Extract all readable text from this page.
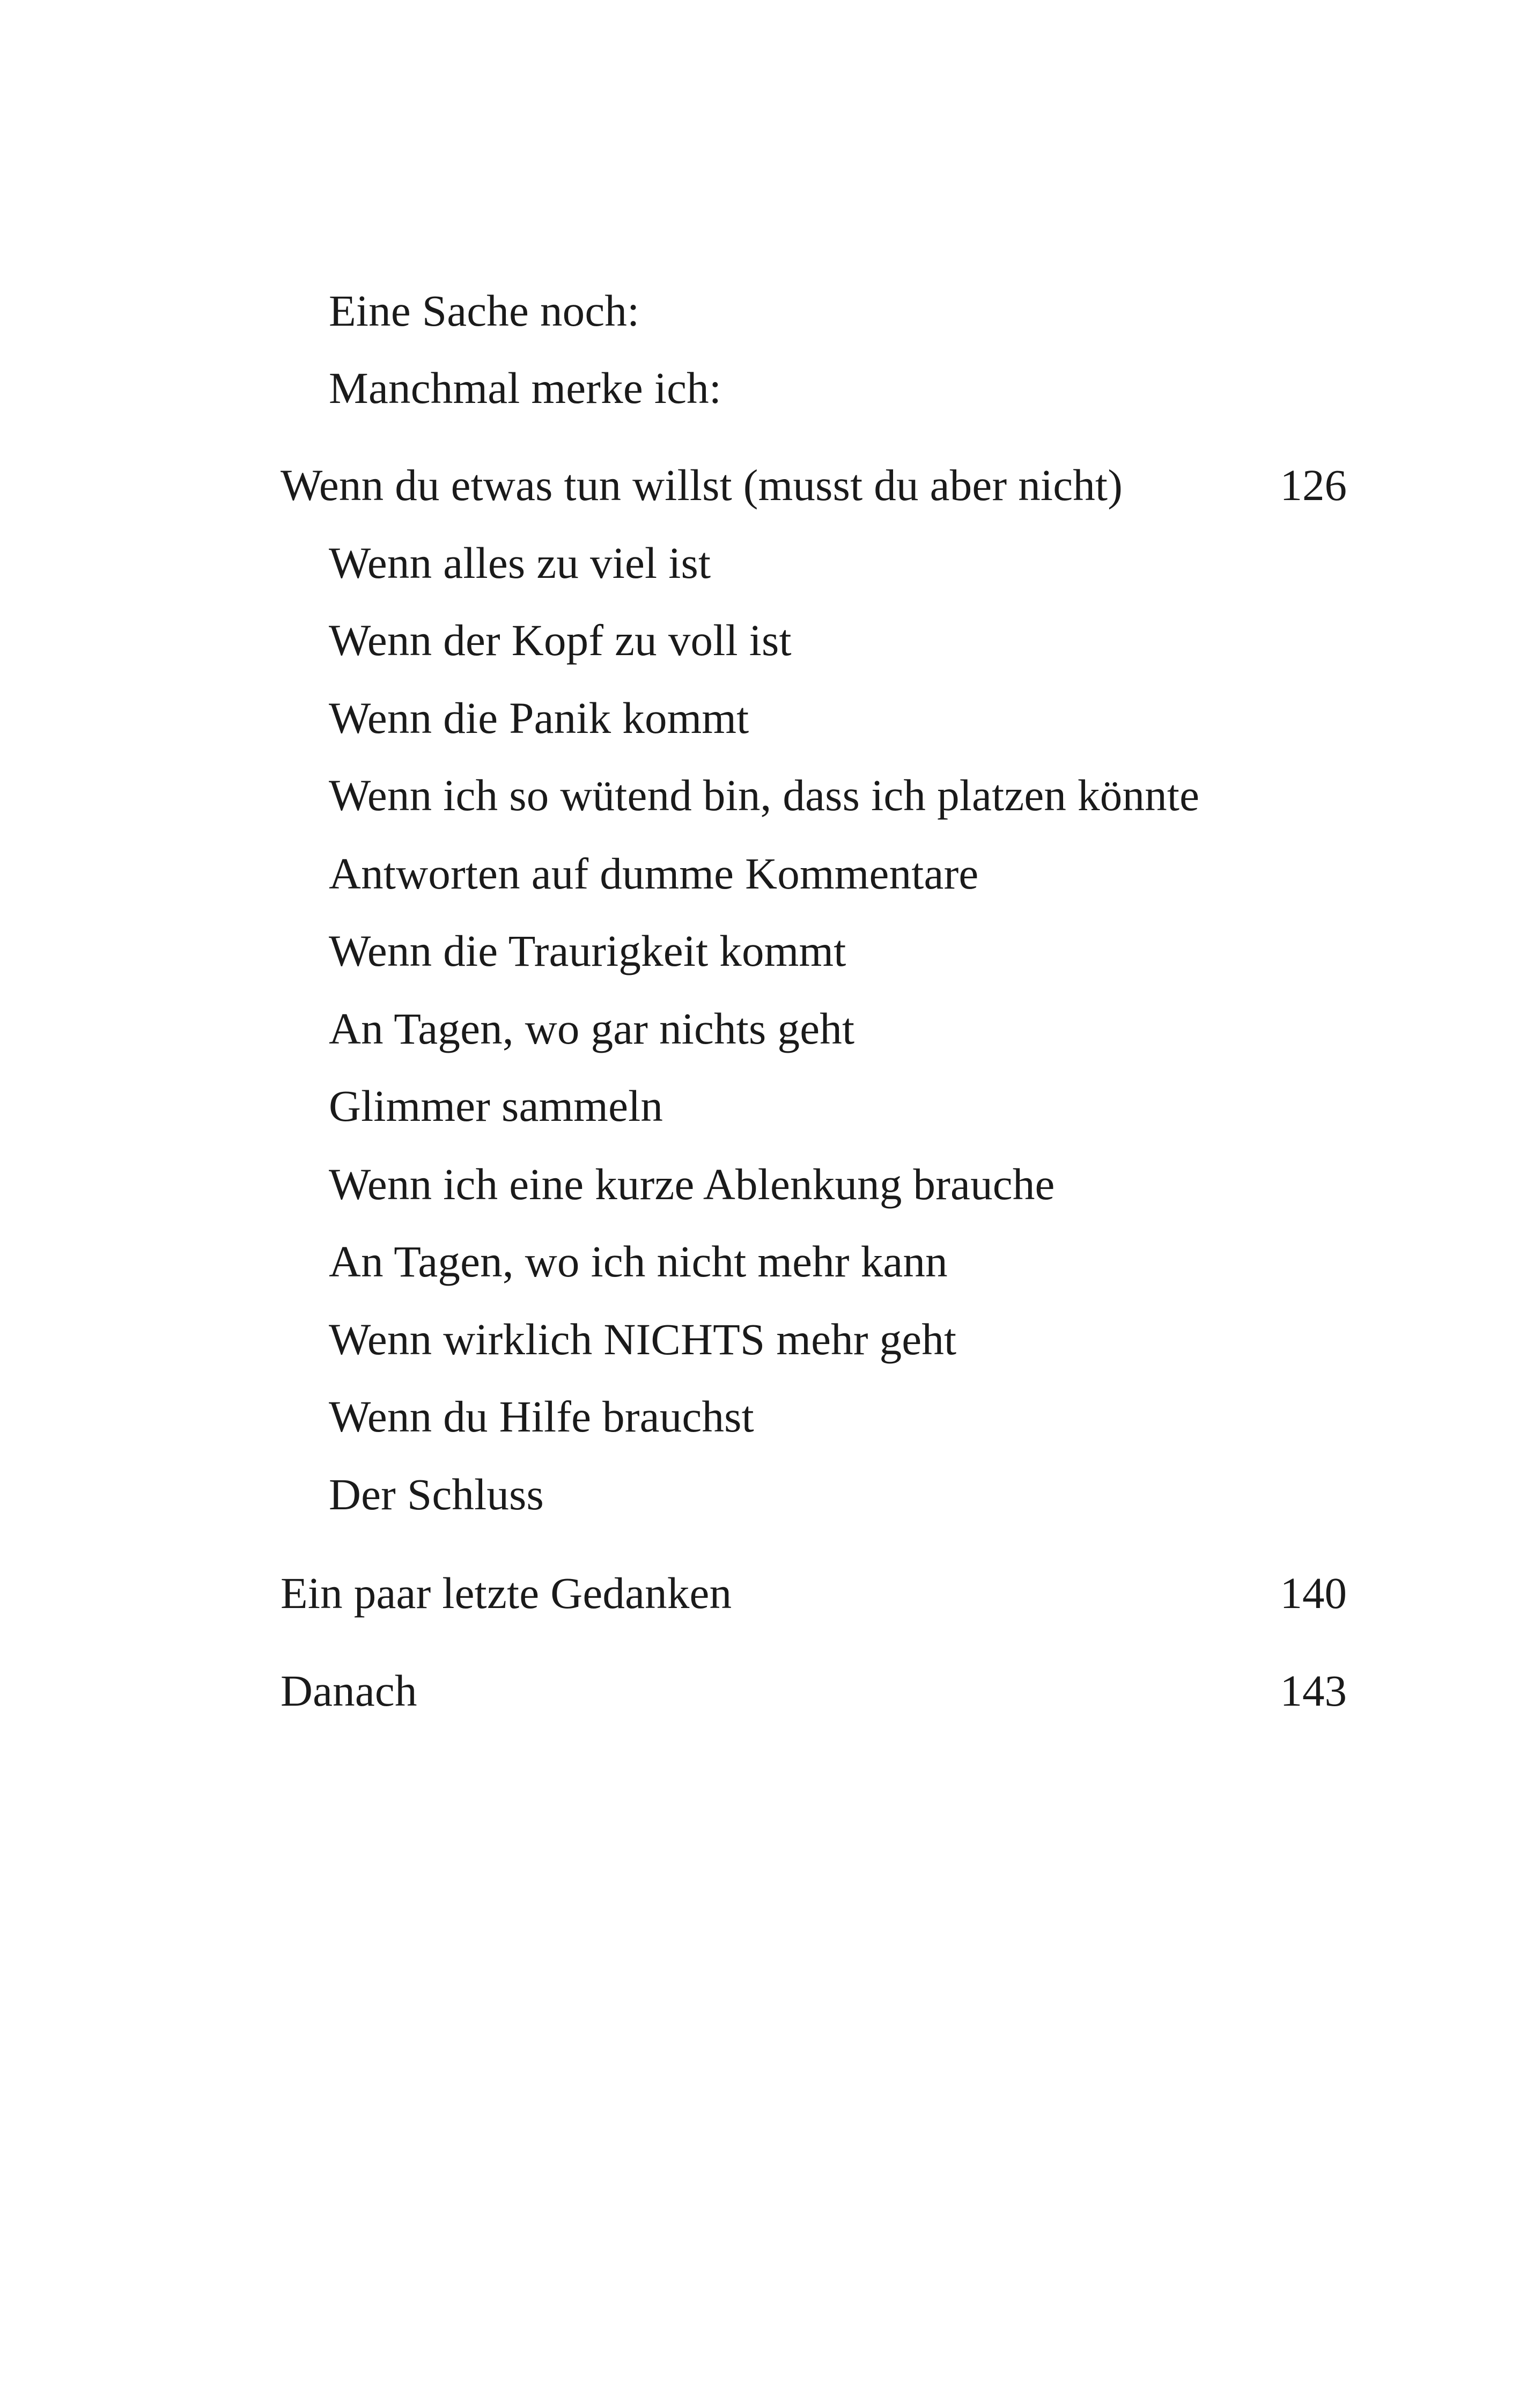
Eine Sache noch:
Manchmal merke ich:
Wenn du etwas tun willst (musst du aber nicht)	126
Wenn alles zu viel ist
Wenn der Kopf zu voll ist
Wenn die Panik kommt
Wenn ich so wütend bin, dass ich platzen könnte
Antworten auf dumme Kommentare
Wenn die Traurigkeit kommt
An Tagen, wo gar nichts geht
Glimmer sammeln
Wenn ich eine kurze Ablenkung brauche
An Tagen, wo ich nicht mehr kann
Wenn wirklich NICHTS mehr geht
Wenn du Hilfe brauchst
Der Schluss
Ein paar letzte Gedanken	140
Danach	143
